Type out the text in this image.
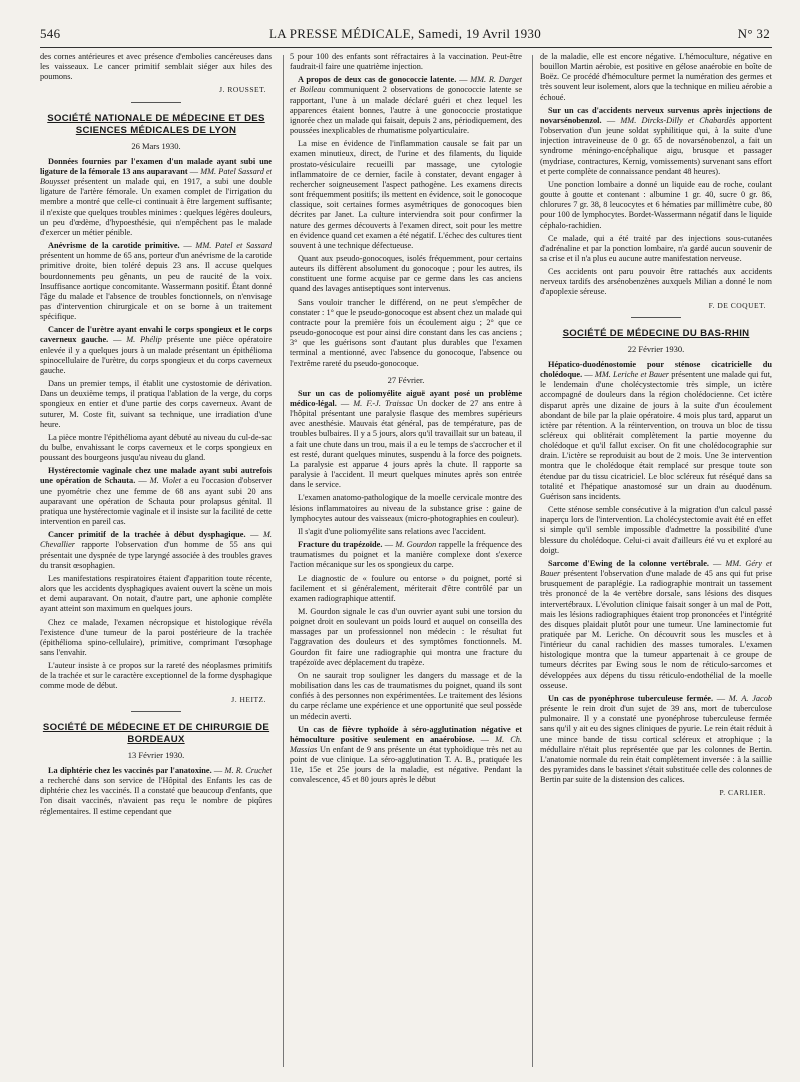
546	LA PRESSE MÉDICALE, Samedi, 19 Avril 1930	N° 32

des cornes antérieures et avec présence d'embolies cancéreuses dans les vaisseaux. Le cancer primitif semblait siéger aux hiles des poumons.

J. ROUSSET.
SOCIÉTÉ NATIONALE DE MÉDECINE ET DES SCIENCES MÉDICALES DE LYON
26 Mars 1930.

Données fournies par l'examen d'un malade ayant subi une ligature de la fémorale 13 ans auparavant — MM. Patel Sassard et Bouysset présentent un malade qui, en 1917, a subi une double ligature de l'artère fémorale. Un examen complet de l'irrigation du membre a montré que celle-ci continuait à être largement suffisante; il n'existe que quelques troubles minimes : quelques légères douleurs, un peu d'œdème, d'hypoesthésie, qui n'empêchent pas le malade d'exercer un métier pénible.

Anévrisme de la carotide primitive. — MM. Patel et Sassard présentent un homme de 65 ans, porteur d'un anévrisme de la carotide primitive droite, bien toléré depuis 23 ans. Il accuse quelques bourdonnements peu gênants, un peu de raucité de la voix. Insuffisance aortique concomitante. Wassermann positif. Étant donné l'âge du malade et l'absence de troubles fonctionnels, on n'envisage pas d'intervention chirurgicale et on se borne à un traitement spécifique.

Cancer de l'urètre ayant envahi le corps spongieux et le corps caverneux gauche. — M. Phélip présente une pièce opératoire enlevée il y a quelques jours à un malade présentant un épithélioma spinocellulaire de l'urètre, du corps spongieux et du corps caverneux gauche.

Dans un premier temps, il établit une cystostomie de dérivation. Dans un deuxième temps, il pratiqua l'ablation de la verge, du corps spongieux en entier et d'une partie des corps caverneux. Avant de suturer, M. Coste fit, suivant sa technique, une irradiation d'une heure.

La pièce montre l'épithélioma ayant débuté au niveau du cul-de-sac du bulbe, envahissant le corps caverneux et le corps spongieux en poussant des bourgeons jusqu'au niveau du gland.

Hystérectomie vaginale chez une malade ayant subi autrefois une opération de Schauta. — M. Violet a eu l'occasion d'observer une pyométrie chez une femme de 68 ans ayant subi 20 ans auparavant une opération de Schauta pour prolapsus génital. Il pratiqua une hystérectomie vaginale et il insiste sur la facilité de cette intervention en pareil cas.

Cancer primitif de la trachée à début dysphagique. — M. Chevallier rapporte l'observation d'un homme de 55 ans qui présentait une dyspnée de type laryngé associée à des troubles graves du transit œsophagien.

Les manifestations respiratoires étaient d'apparition toute récente, alors que les accidents dysphagiques avaient ouvert la scène un mois et demi auparavant. On notait, d'autre part, une aphonie complète ayant atteint son maximum en quelques jours.

Chez ce malade, l'examen nécropsique et histologique révéla l'existence d'une tumeur de la paroi postérieure de la trachée (épithélioma spino-cellulaire), primitive, comprimant l'œsophage sans l'envahir.

L'auteur insiste à ce propos sur la rareté des néoplasmes primitifs de la trachée et sur le caractère exceptionnel de la forme dysphagique comme mode de début.

J. HEITZ.
SOCIÉTÉ DE MÉDECINE ET DE CHIRURGIE DE BORDEAUX
13 Février 1930.

La diphtérie chez les vaccinés par l'anatoxine. — M. R. Cruchet a recherché dans son service de l'Hôpital des Enfants les cas de diphtérie chez les vaccinés. Il a constaté que beaucoup d'enfants, que l'on disait vaccinés, n'avaient pas reçu le nombre de piqûres réglementaires. Il estime cependant que

5 pour 100 des enfants sont réfractaires à la vaccination. Peut-être faudrait-il faire une quatrième injection.

A propos de deux cas de gonococcie latente. — MM. R. Darget et Boileau communiquent 2 observations de gonococcie latente se rapportant, l'une à un malade déclaré guéri et chez lequel les apparences étaient bonnes, l'autre à une gonococcie prostatique ignorée chez un malade qui faisait, depuis 2 ans, périodiquement, des poussées inexplicables de rhumatisme polyarticulaire.

La mise en évidence de l'inflammation causale se fait par un examen minutieux, direct, de l'urine et des filaments, du liquide prostato-vésiculaire recueilli par massage, une cytologie inflammatoire de ce dernier, facile à constater, devant engager à rechercher soigneusement l'aspect pathogène. Les examens directs sont fréquemment positifs; ils mettent en évidence, soit le gonocoque classique, soit certaines formes asymétriques de gonocoques bien décrites par Janet. La culture interviendra soit pour confirmer la nature des germes découverts à l'examen direct, soit pour les mettre en évidence quand cet examen a été négatif. L'échec des cultures tient souvent à une technique défectueuse.

Quant aux pseudo-gonocoques, isolés fréquemment, pour certains auteurs ils diffèrent absolument du gonocoque ; pour les autres, ils constituent une forme acquise par ce germe dans les cas anciens quand des lavages antiseptiques sont intervenus.

Sans vouloir trancher le différend, on ne peut s'empêcher de constater : 1° que le pseudo-gonocoque est absent chez un malade qui contracte pour la première fois un écoulement aigu ; 2° que ce pseudo-gonocoque est pour ainsi dire constant dans les cas anciens ; 3° que les guérisons sont d'autant plus durables que l'examen terminal a mentionné, avec l'absence du gonocoque, l'absence ou l'extrême rareté du pseudo-gonocoque.

27 Février.

Sur un cas de poliomyélite aiguë ayant posé un problème médico-légal. — M. F.-J. Traissac Un docker de 27 ans entre à l'hôpital présentant une paralysie flasque des membres supérieurs avec anesthésie. Mauvais état général, pas de température, pas de troubles bulbaires. Il y a 5 jours, alors qu'il travaillait sur un bateau, il a fait une chute dans un trou, mais il a eu le temps de s'accrocher et il est resté, durant quelques minutes, suspendu à la force des poignets. La paralysie est apparue 4 jours après la chute. Il rapporte sa paralysie à l'accident. Il meurt quelques minutes après son entrée dans le service.

L'examen anatomo-pathologique de la moelle cervicale montre des lésions inflammatoires au niveau de la substance grise : gaine de lymphocytes autour des vaisseaux (micro-photographies en couleur).

Il s'agit d'une poliomyélite sans relations avec l'accident.

Fracture du trapézoïde. — M. Gourdon rappelle la fréquence des traumatismes du poignet et la manière complexe dont s'exerce l'action mécanique sur les os spongieux du carpe.

Le diagnostic de « foulure ou entorse » du poignet, porté si facilement et si généralement, mériterait d'être contrôlé par un examen radiographique attentif.

M. Gourdon signale le cas d'un ouvrier ayant subi une torsion du poignet droit en soulevant un poids lourd et auquel on conseilla des massages par un professionnel non médecin : le résultat fut l'aggravation des douleurs et des symptômes fonctionnels. M. Gourdon fit faire une radiographie qui montra une fracture du trapézoïde avec déplacement du trapèze.

On ne saurait trop souligner les dangers du massage et de la mobilisation dans les cas de traumatismes du poignet, quand ils sont confiés à des personnes non expérimentées. Le traitement des lésions du carpe réclame une expérience et une opportunité que seul possède un médecin averti.

Un cas de fièvre typhoïde à séro-agglutination négative et hémoculture positive seulement en anaérobiose. — M. Ch. Massias Un enfant de 9 ans présente un état typhoïdique très net au point de vue clinique. La séro-agglutination T. A. B., pratiquée les 11e, 15e et 25e jours de la maladie, est négative. Pendant la convalescence, 45 et 80 jours après le début

de la maladie, elle est encore négative. L'hémoculture, négative en bouillon Martin aérobie, est positive en gélose anaérobie en boîte de Boëz. Ce procédé d'hémoculture permet la numération des germes et très souvent leur isolement, alors que la technique en milieu aérobie a échoué.

Sur un cas d'accidents nerveux survenus après injections de novarsénobenzol. — MM. Dircks-Dilly et Chabardès apportent l'observation d'un jeune soldat syphilitique qui, à la suite d'une injection intraveineuse de 0 gr. 65 de novarsénobenzol, a fait un syndrome méningo-encéphalique aigu, brusque et passager (mydriase, contractures, Kernig, vomissements) survenant sans effort et perte complète de connaissance pendant 48 heures).

Une ponction lombaire a donné un liquide eau de roche, coulant goutte à goutte et contenant : albumine 1 gr. 40, sucre 0 gr. 86, chlorures 7 gr. 38, 8 leucocytes et 6 hématies par millimètre cube, 80 pour 100 de lymphocytes. Bordet-Wassermann négatif dans le liquide céphalo-rachidien.

Ce malade, qui a été traité par des injections sous-cutanées d'adrénaline et par la ponction lombaire, n'a gardé aucun souvenir de sa crise et il n'a plus eu aucune autre manifestation nerveuse.

Ces accidents ont paru pouvoir être rattachés aux accidents nerveux tardifs des arsénobenzènes auxquels Milian a donné le nom d'apoplexie séreuse.

F. DE COQUET.
SOCIÉTÉ DE MÉDECINE DU BAS-RHIN
22 Février 1930.

Hépatico-duodénostomie pour sténose cicatricielle du cholédoque. — MM. Leriche et Bauer présentent une malade qui fut, le lendemain d'une cholécystectomie très simple, un ictère accompagné de douleurs dans la région cholédocienne. Cet ictère disparut après une dizaine de jours à la suite d'un écoulement abondant de bile par la plaie opératoire. 4 mois plus tard, apparut un ictère par rétention. A la réintervention, on trouva un bloc de tissu scléreux qui oblitérait complètement la partie moyenne du cholédoque et qu'il fallut exciser. On fit une cholédocographie sur drain. L'ictère se reproduisit au bout de 2 mois. Une 3e intervention montra que le cholédoque était remplacé sur presque toute son étendue par du tissu cicatriciel. Le bloc scléreux fut réséqué dans sa totalité et l'hépatique anastomosé sur un drain au duodénum. Guérison sans incidents.

Cette sténose semble consécutive à la migration d'un calcul passé inaperçu lors de l'intervention. La cholécystectomie avait été en effet si simple qu'il semble impossible d'admettre la possibilité d'une blessure du cholédoque. Celui-ci avait d'ailleurs été vu et exploré au doigt.

Sarcome d'Ewing de la colonne vertébrale. — MM. Géry et Bauer présentent l'observation d'une malade de 45 ans qui fut prise brusquement de paraplégie. La radiographie montrait un tassement très prononcé de la 4e vertèbre dorsale, sans lésions des disques intervertébraux. L'évolution clinique faisait songer à un mal de Pott, mais les lésions radiographiques étaient trop prononcées et l'intégrité des disques plaidait plutôt pour une tumeur. Une laminectomie fut pratiquée par M. Leriche. On découvrit sous les muscles et à l'intérieur du canal rachidien des masses tumorales. L'examen histologique montra que la tumeur appartenait à ce groupe de tumeurs décrites par Ewing sous le nom de réticulo-sarcomes et développées aux dépens du tissu réticulo-endothélial de la moelle osseuse.

Un cas de pyonéphrose tuberculeuse fermée. — M. A. Jacob présente le rein droit d'un sujet de 39 ans, mort de tuberculose pulmonaire. Il y a constaté une pyonéphrose tuberculeuse fermée sans qu'il y ait eu des signes cliniques de pyurie. Le rein était réduit à une mince bande de tissu cortical scléreux et atrophique ; la médullaire n'était plus représentée que par les colonnes de Bertin. L'anatomie normale du rein était complètement inversée : à la saillie des pyramides dans le bassinet s'était substituée celle des colonnes de Bertin par suite de la distension des calices.

P. CARLIER.
